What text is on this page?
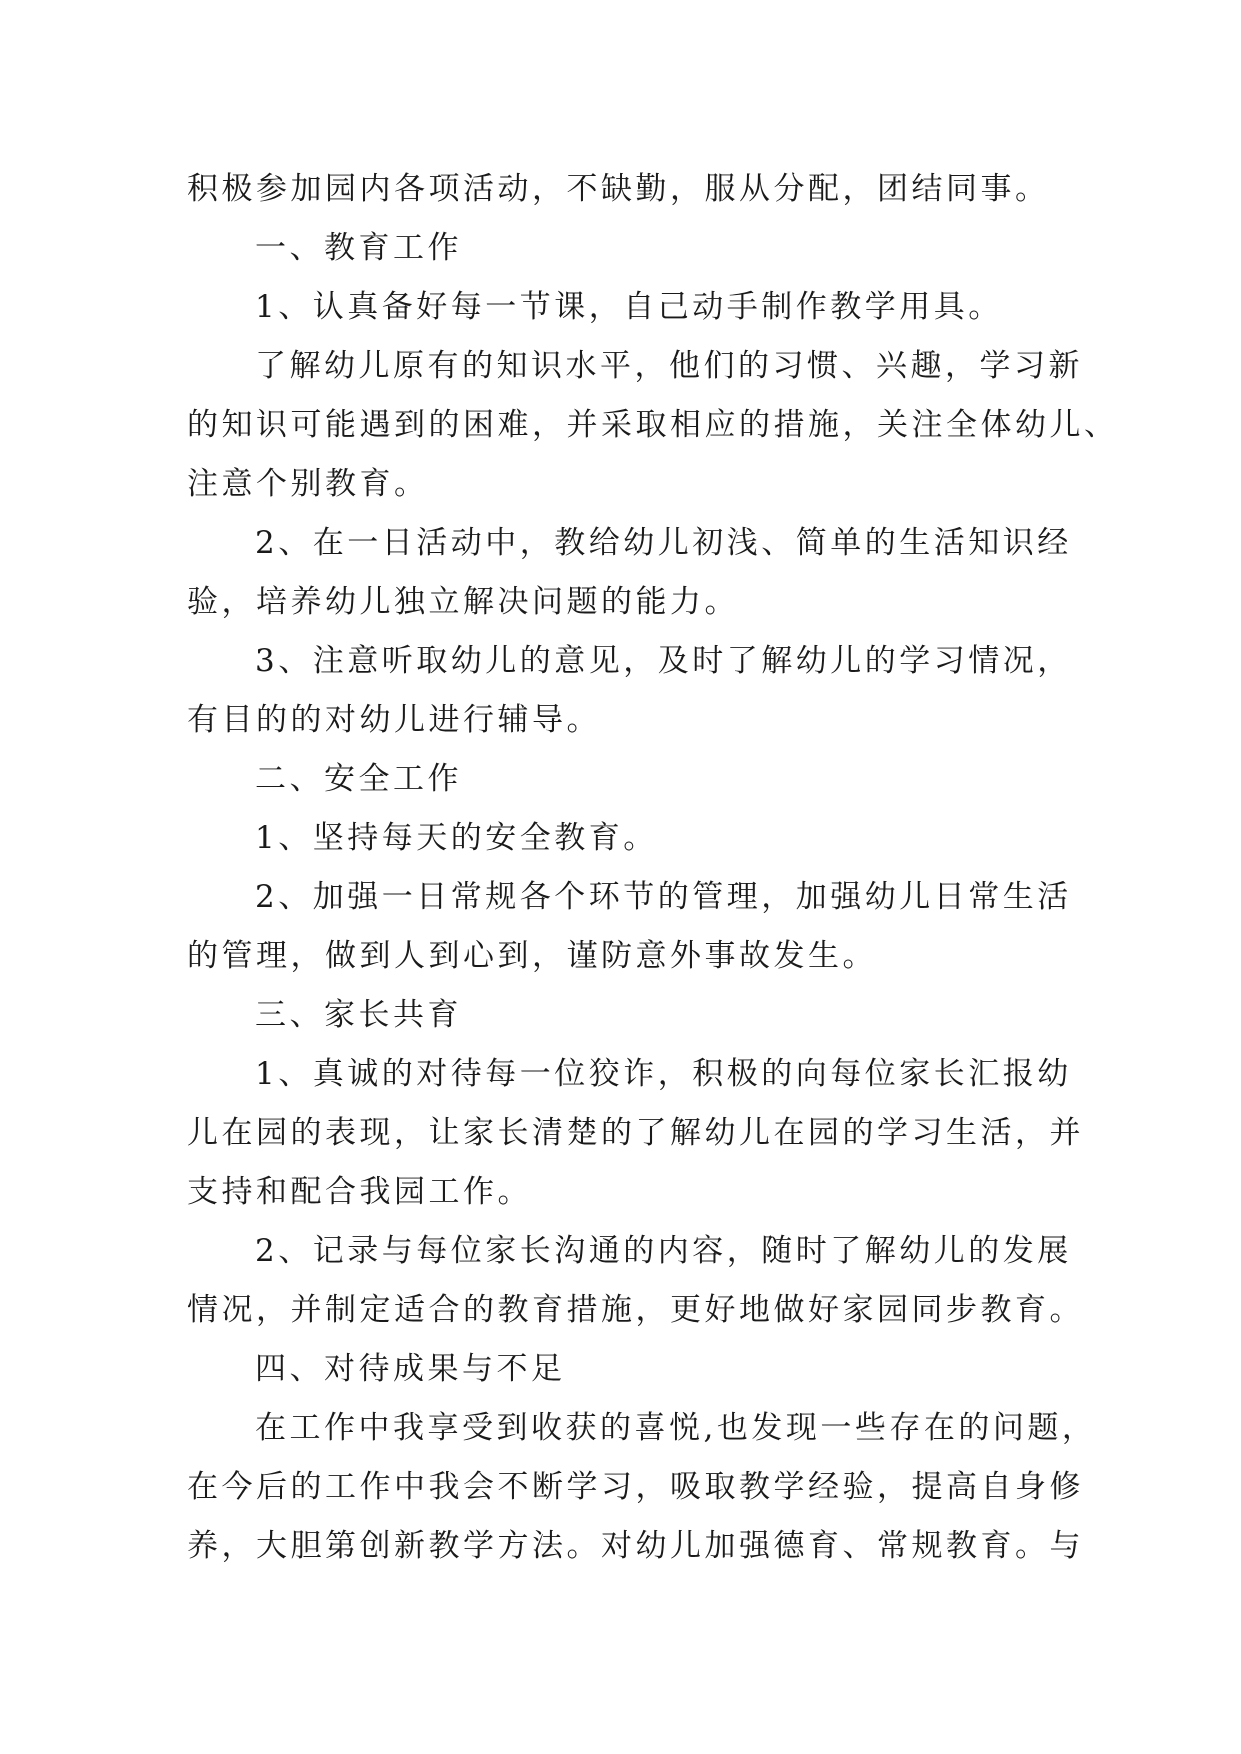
积极参加园内各项活动，不缺勤，服从分配，团结同事。
一、教育工作
1、认真备好每一节课，自己动手制作教学用具。
了解幼儿原有的知识水平，他们的习惯、兴趣，学习新
的知识可能遇到的困难，并采取相应的措施，关注全体幼儿、
注意个别教育。
2、在一日活动中，教给幼儿初浅、简单的生活知识经
验，培养幼儿独立解决问题的能力。
3、注意听取幼儿的意见，及时了解幼儿的学习情况，
有目的的对幼儿进行辅导。
二、安全工作
1、坚持每天的安全教育。
2、加强一日常规各个环节的管理，加强幼儿日常生活
的管理，做到人到心到，谨防意外事故发生。
三、家长共育
1、真诚的对待每一位狡诈，积极的向每位家长汇报幼
儿在园的表现，让家长清楚的了解幼儿在园的学习生活，并
支持和配合我园工作。
2、记录与每位家长沟通的内容，随时了解幼儿的发展
情况，并制定适合的教育措施，更好地做好家园同步教育。
四、对待成果与不足
在工作中我享受到收获的喜悦,也发现一些存在的问题，
在今后的工作中我会不断学习，吸取教学经验，提高自身修
养，大胆第创新教学方法。对幼儿加强德育、常规教育。与
